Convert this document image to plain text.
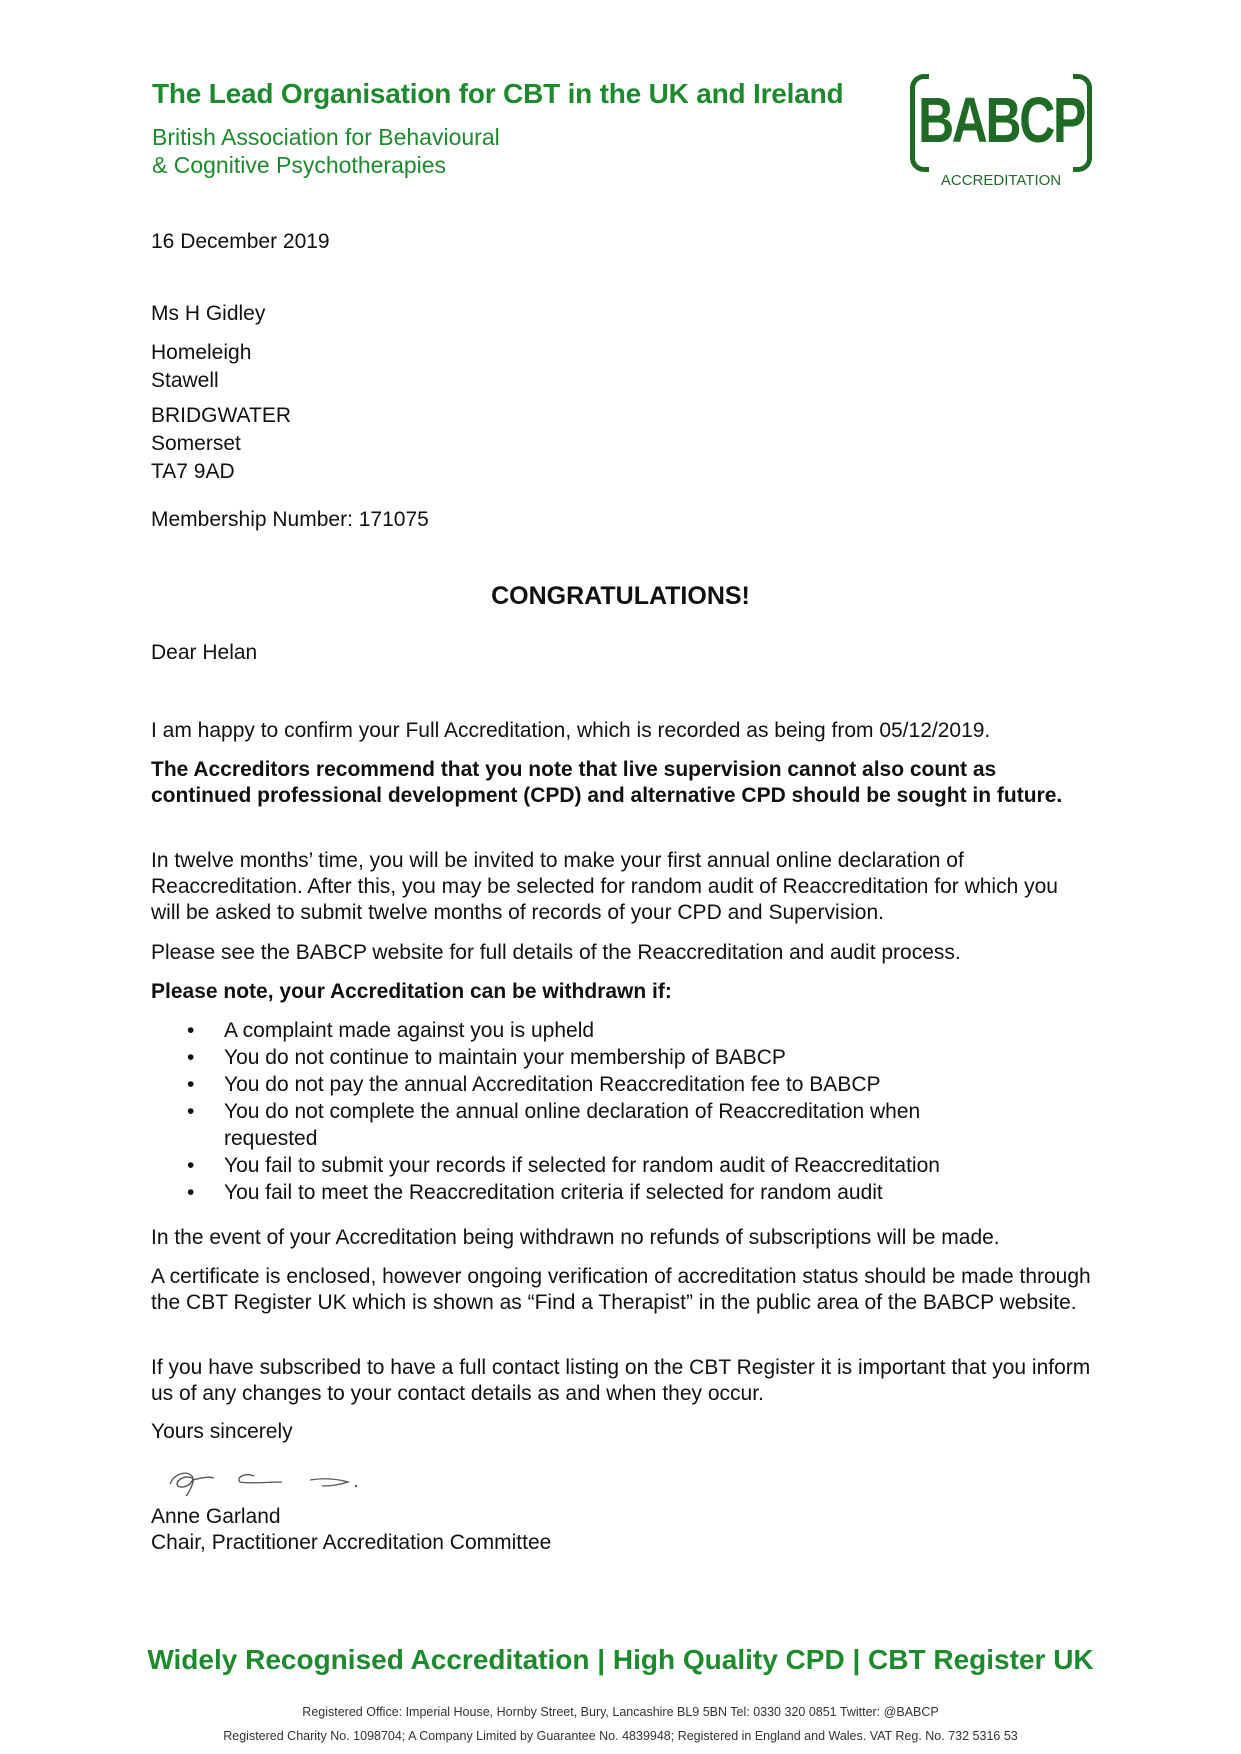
The Lead Organisation for CBT in the UK and Ireland
British Association for Behavioural
& Cognitive Psychotherapies
BABCP
ACCREDITATION
16 December 2019
Ms H Gidley
Homeleigh
Stawell
BRIDGWATER
Somerset
TA7 9AD
Membership Number: 171075
CONGRATULATIONS!
Dear Helan
I am happy to confirm your Full Accreditation, which is recorded as being from 05/12/2019.
The Accreditors recommend that you note that live supervision cannot also count as continued professional development (CPD) and alternative CPD should be sought in future.
In twelve months’ time, you will be invited to make your first annual online declaration of Reaccreditation. After this, you may be selected for random audit of Reaccreditation for which you will be asked to submit twelve months of records of your CPD and Supervision.
Please see the BABCP website for full details of the Reaccreditation and audit process.
Please note, your Accreditation can be withdrawn if:
• A complaint made against you is upheld
• You do not continue to maintain your membership of BABCP
• You do not pay the annual Accreditation Reaccreditation fee to BABCP
• You do not complete the annual online declaration of Reaccreditation when requested
• You fail to submit your records if selected for random audit of Reaccreditation
• You fail to meet the Reaccreditation criteria if selected for random audit
In the event of your Accreditation being withdrawn no refunds of subscriptions will be made.
A certificate is enclosed, however ongoing verification of accreditation status should be made through the CBT Register UK which is shown as “Find a Therapist” in the public area of the BABCP website.
If you have subscribed to have a full contact listing on the CBT Register it is important that you inform us of any changes to your contact details as and when they occur.
Yours sincerely
Anne Garland
Chair, Practitioner Accreditation Committee
Widely Recognised Accreditation | High Quality CPD | CBT Register UK
Registered Office: Imperial House, Hornby Street, Bury, Lancashire BL9 5BN Tel: 0330 320 0851 Twitter: @BABCP
Registered Charity No. 1098704; A Company Limited by Guarantee No. 4839948; Registered in England and Wales. VAT Reg. No. 732 5316 53
